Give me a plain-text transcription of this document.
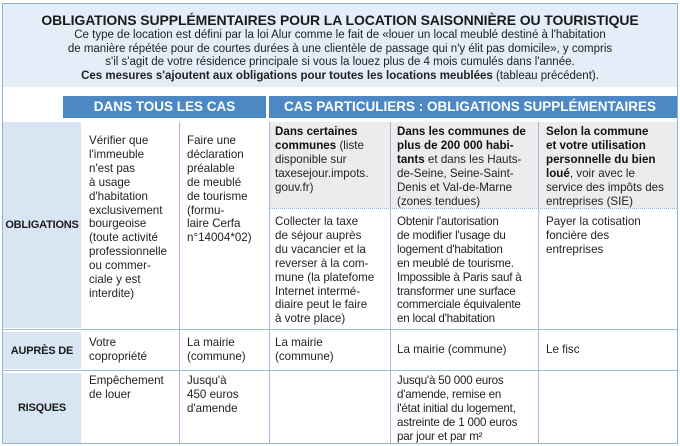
OBLIGATIONS SUPPLÉMENTAIRES POUR LA LOCATION SAISONNIÈRE OU TOURISTIQUE
Ce type de location est défini par la loi Alur comme le fait de «louer un local meublé destiné à l'habitation
de manière répétée pour de courtes durées à une clientèle de passage qui n'y élit pas domicile», y compris
s'il s'agit de votre résidence principale si vous la louez plus de 4 mois cumulés dans l'année.
Ces mesures s'ajoutent aux obligations pour toutes les locations meublées (tableau précédent).
DANS TOUS LES CAS	CAS PARTICULIERS : OBLIGATIONS SUPPLÉMENTAIRES
OBLIGATIONS
AUPRÈS DE
RISQUES
Dans certaines
communes (liste
disponible sur
taxesejour.impots.
gouv.fr)
Dans les communes de
plus de 200 000 habi-
tants et dans les Hauts-
de-Seine, Seine-Saint-
Denis et Val-de-Marne
(zones tendues)
Selon la commune
et votre utilisation
personnelle du bien
loué, voir avec le
service des impôts des
entreprises (SIE)
Vérifier que
l'immeuble
n'est pas
à usage
d'habitation
exclusivement
bourgeoise
(toute activité
professionnelle
ou commer-
ciale y est
interdite)
Faire une
déclaration
préalable
de meublé
de tourisme
(formu-
laire Cerfa
n°14004*02)
Collecter la taxe
de séjour auprès
du vacancier et la
reverser à la com-
mune (la platefome
Internet intermé-
diaire peut le faire
à votre place)
Obtenir l'autorisation
de modifier l'usage du
logement d'habitation
en meublé de tourisme.
Impossible à Paris sauf à
transformer une surface
commerciale équivalente
en local d'habitation
Payer la cotisation
foncière des
entreprises
Votre
copropriété
La mairie
(commune)
La mairie
(commune)
La mairie (commune)	Le fisc
Empêchement
de louer
Jusqu'à
450 euros
d'amende
Jusqu'à 50 000 euros
d'amende, remise en
l'état initial du logement,
astreinte de 1 000 euros
par jour et par m²
